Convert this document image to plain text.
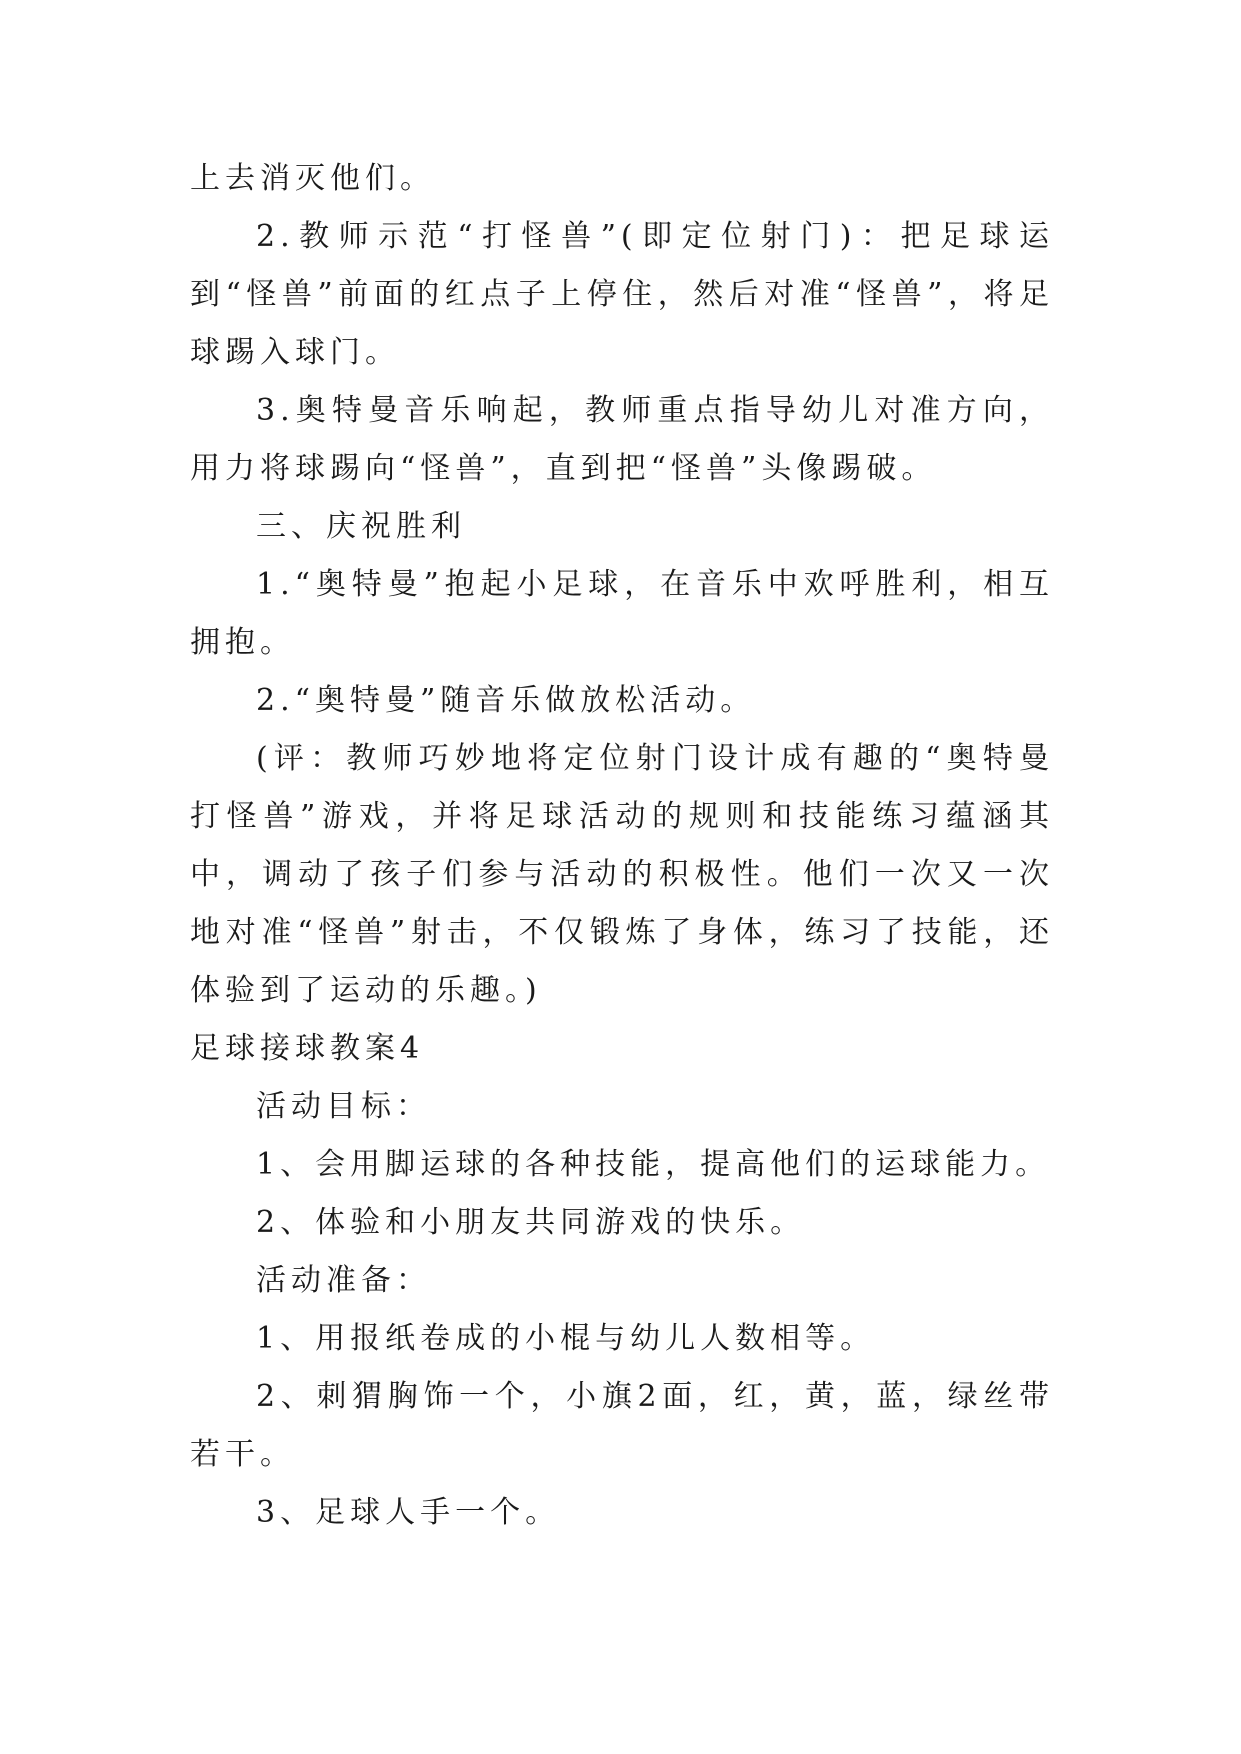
上去消灭他们。

2.教师示范“打怪兽”(即定位射门)：把足球运到“怪兽”前面的红点子上停住，然后对准“怪兽”，将足球踢入球门。

3.奥特曼音乐响起，教师重点指导幼儿对准方向，用力将球踢向“怪兽”，直到把“怪兽”头像踢破。

三、庆祝胜利

1.“奥特曼”抱起小足球，在音乐中欢呼胜利，相互拥抱。

2.“奥特曼”随音乐做放松活动。

(评：教师巧妙地将定位射门设计成有趣的“奥特曼打怪兽”游戏，并将足球活动的规则和技能练习蕴涵其中，调动了孩子们参与活动的积极性。他们一次又一次地对准“怪兽”射击，不仅锻炼了身体，练习了技能，还体验到了运动的乐趣。)

足球接球教案4

活动目标：

1、会用脚运球的各种技能，提高他们的运球能力。

2、体验和小朋友共同游戏的快乐。

活动准备：

1、用报纸卷成的小棍与幼儿人数相等。

2、刺猬胸饰一个，小旗2面，红，黄，蓝，绿丝带若干。

3、足球人手一个。
